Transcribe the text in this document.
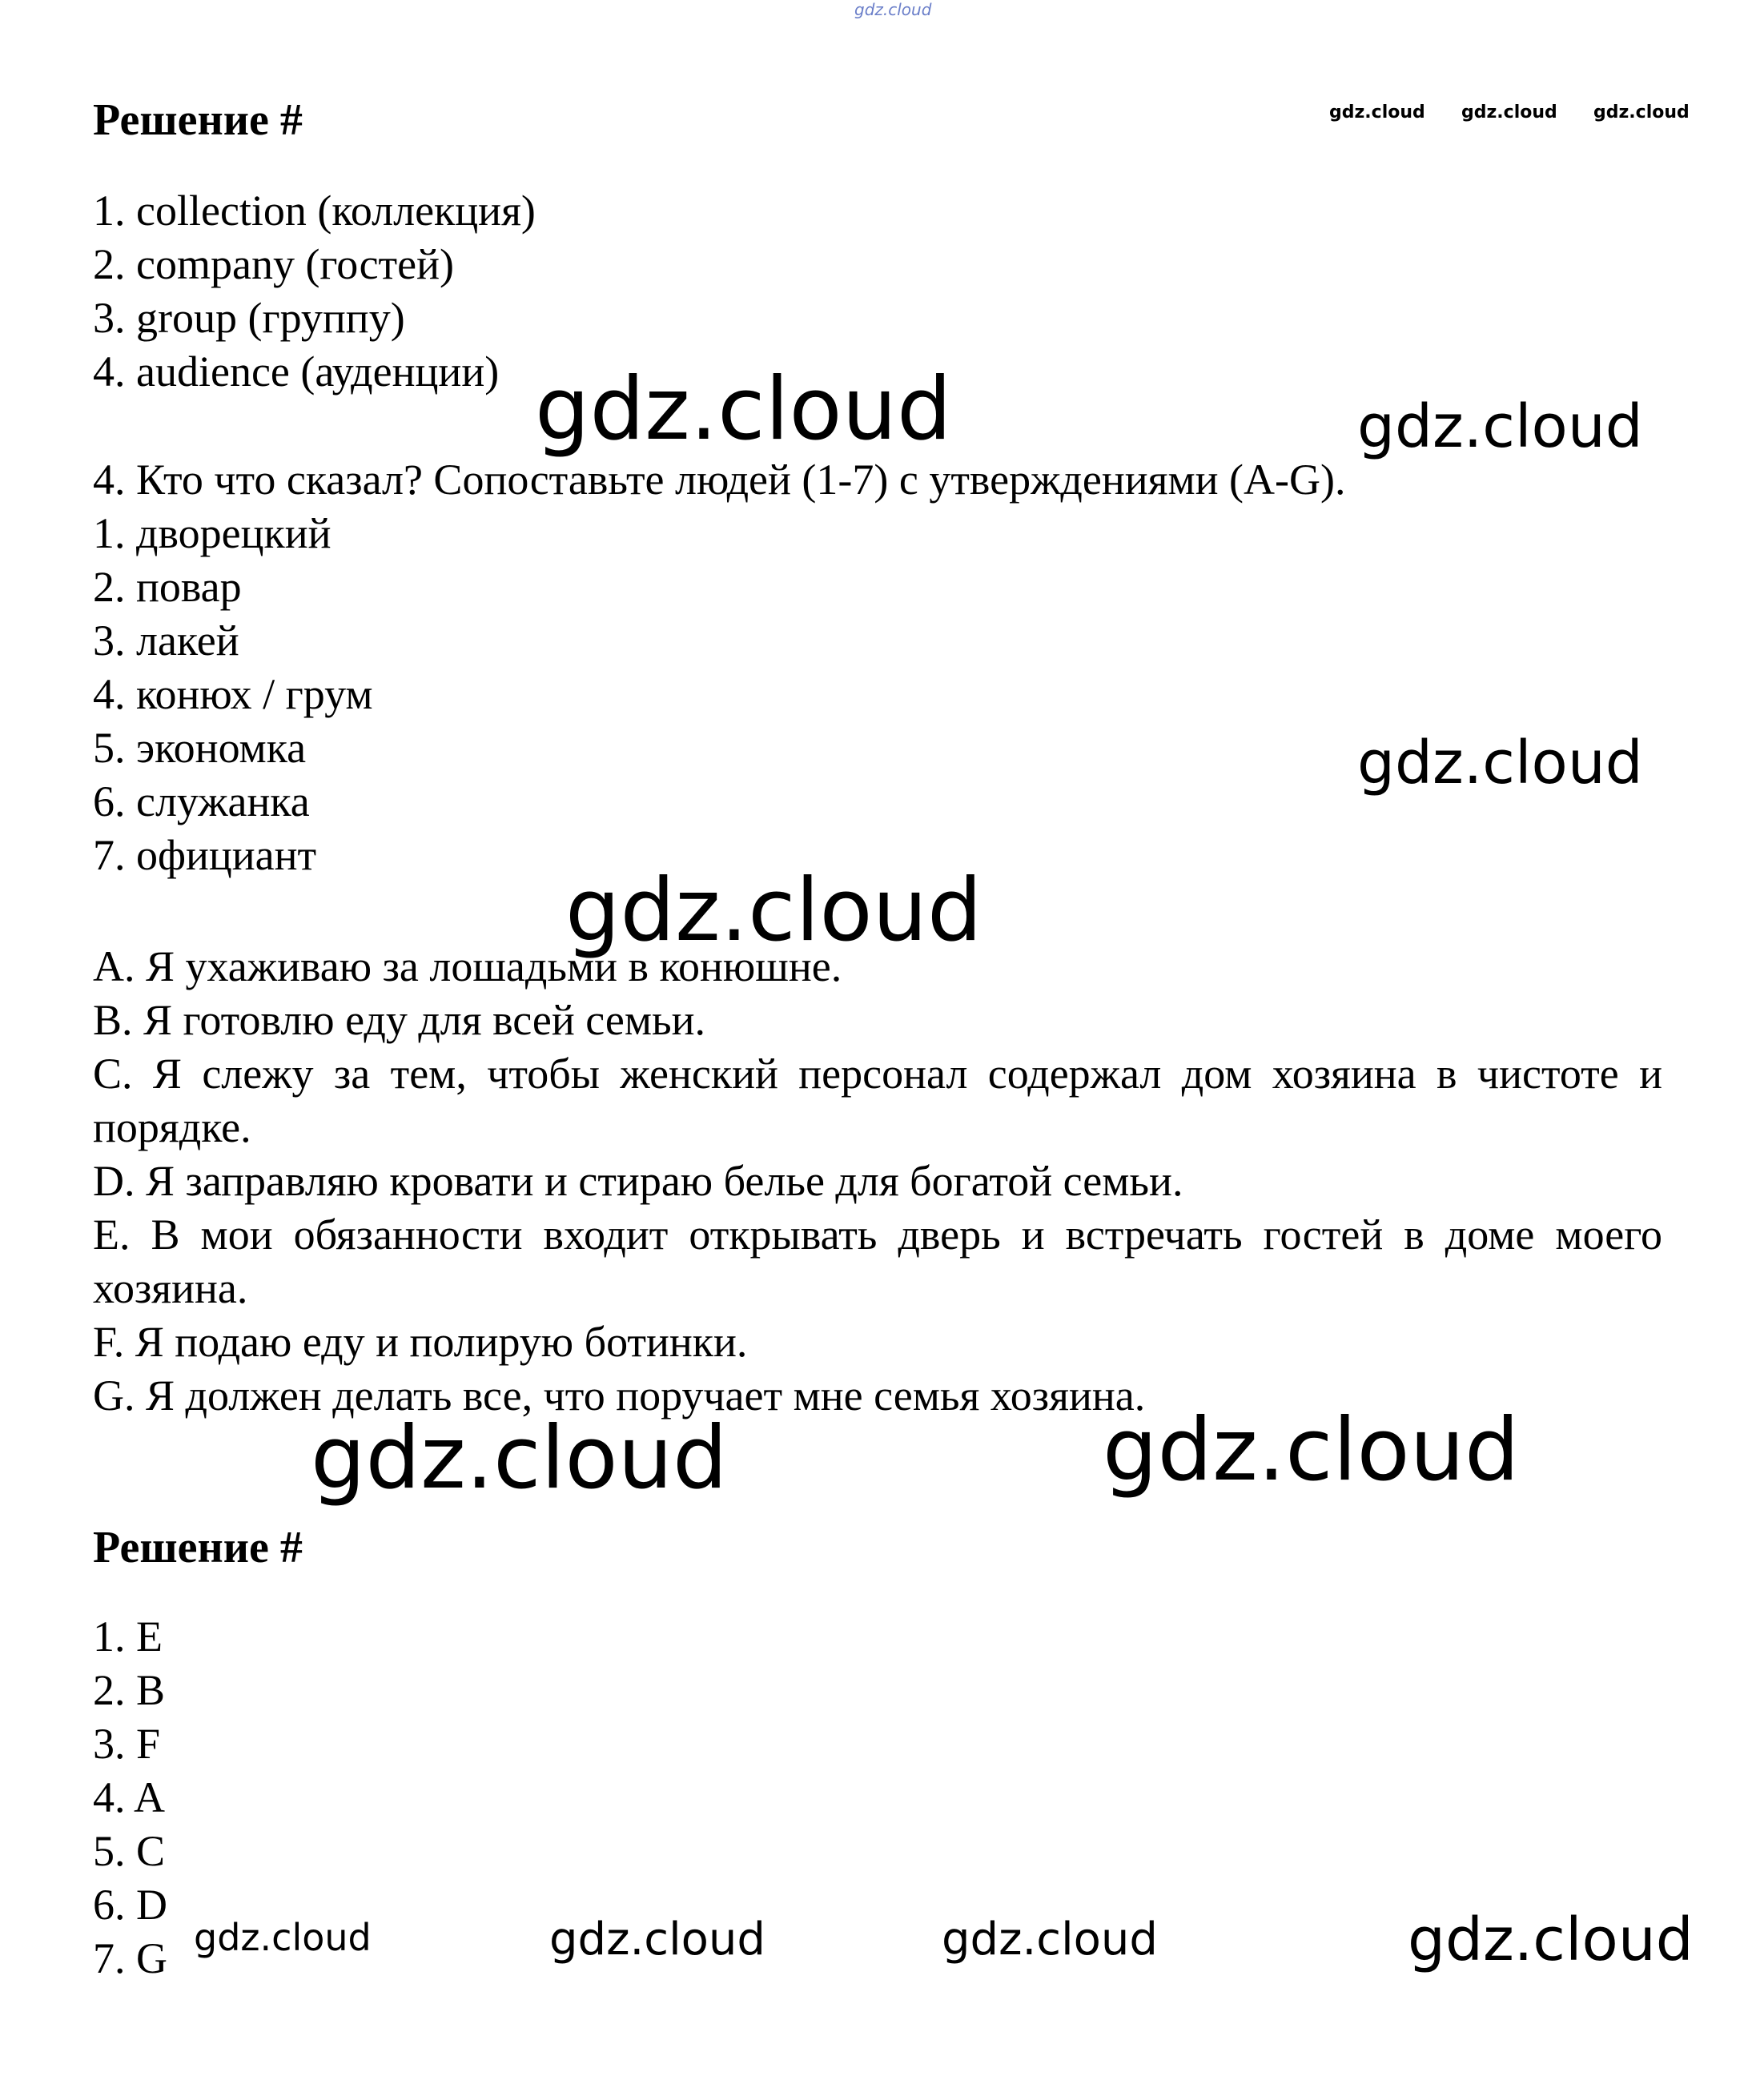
gdz.cloud
Решение #	gdz.cloud gdz.cloud gdz.cloud
1. collection (коллекция)
2. company (гостей)
3. group (группу)
4. audience (ауденции)
4. Кто что сказал? Сопоставьте людей (1-7) с утверждениями (A-G).
1. дворецкий
2. повар
3. лакей
4. конюх / грум
5. экономка
6. служанка
7. официант
A. Я ухаживаю за лошадьми в конюшне.
B. Я готовлю еду для всей семьи.
C. Я слежу за тем, чтобы женский персонал содержал дом хозяина в чистоте и порядке.
D. Я заправляю кровати и стираю белье для богатой семьи.
E. В мои обязанности входит открывать дверь и встречать гостей в доме моего хозяина.
F. Я подаю еду и полирую ботинки.
G. Я должен делать все, что поручает мне семья хозяина.
gdz.cloud	gdz.cloud
gdz.cloud
gdz.cloud
gdz.cloud	gdz.cloud
Решение #
1. E
2. B
3. F
4. A
5. C
6. D
7. G gdz.cloud	gdz.cloud	gdz.cloud	gdz.cloud
